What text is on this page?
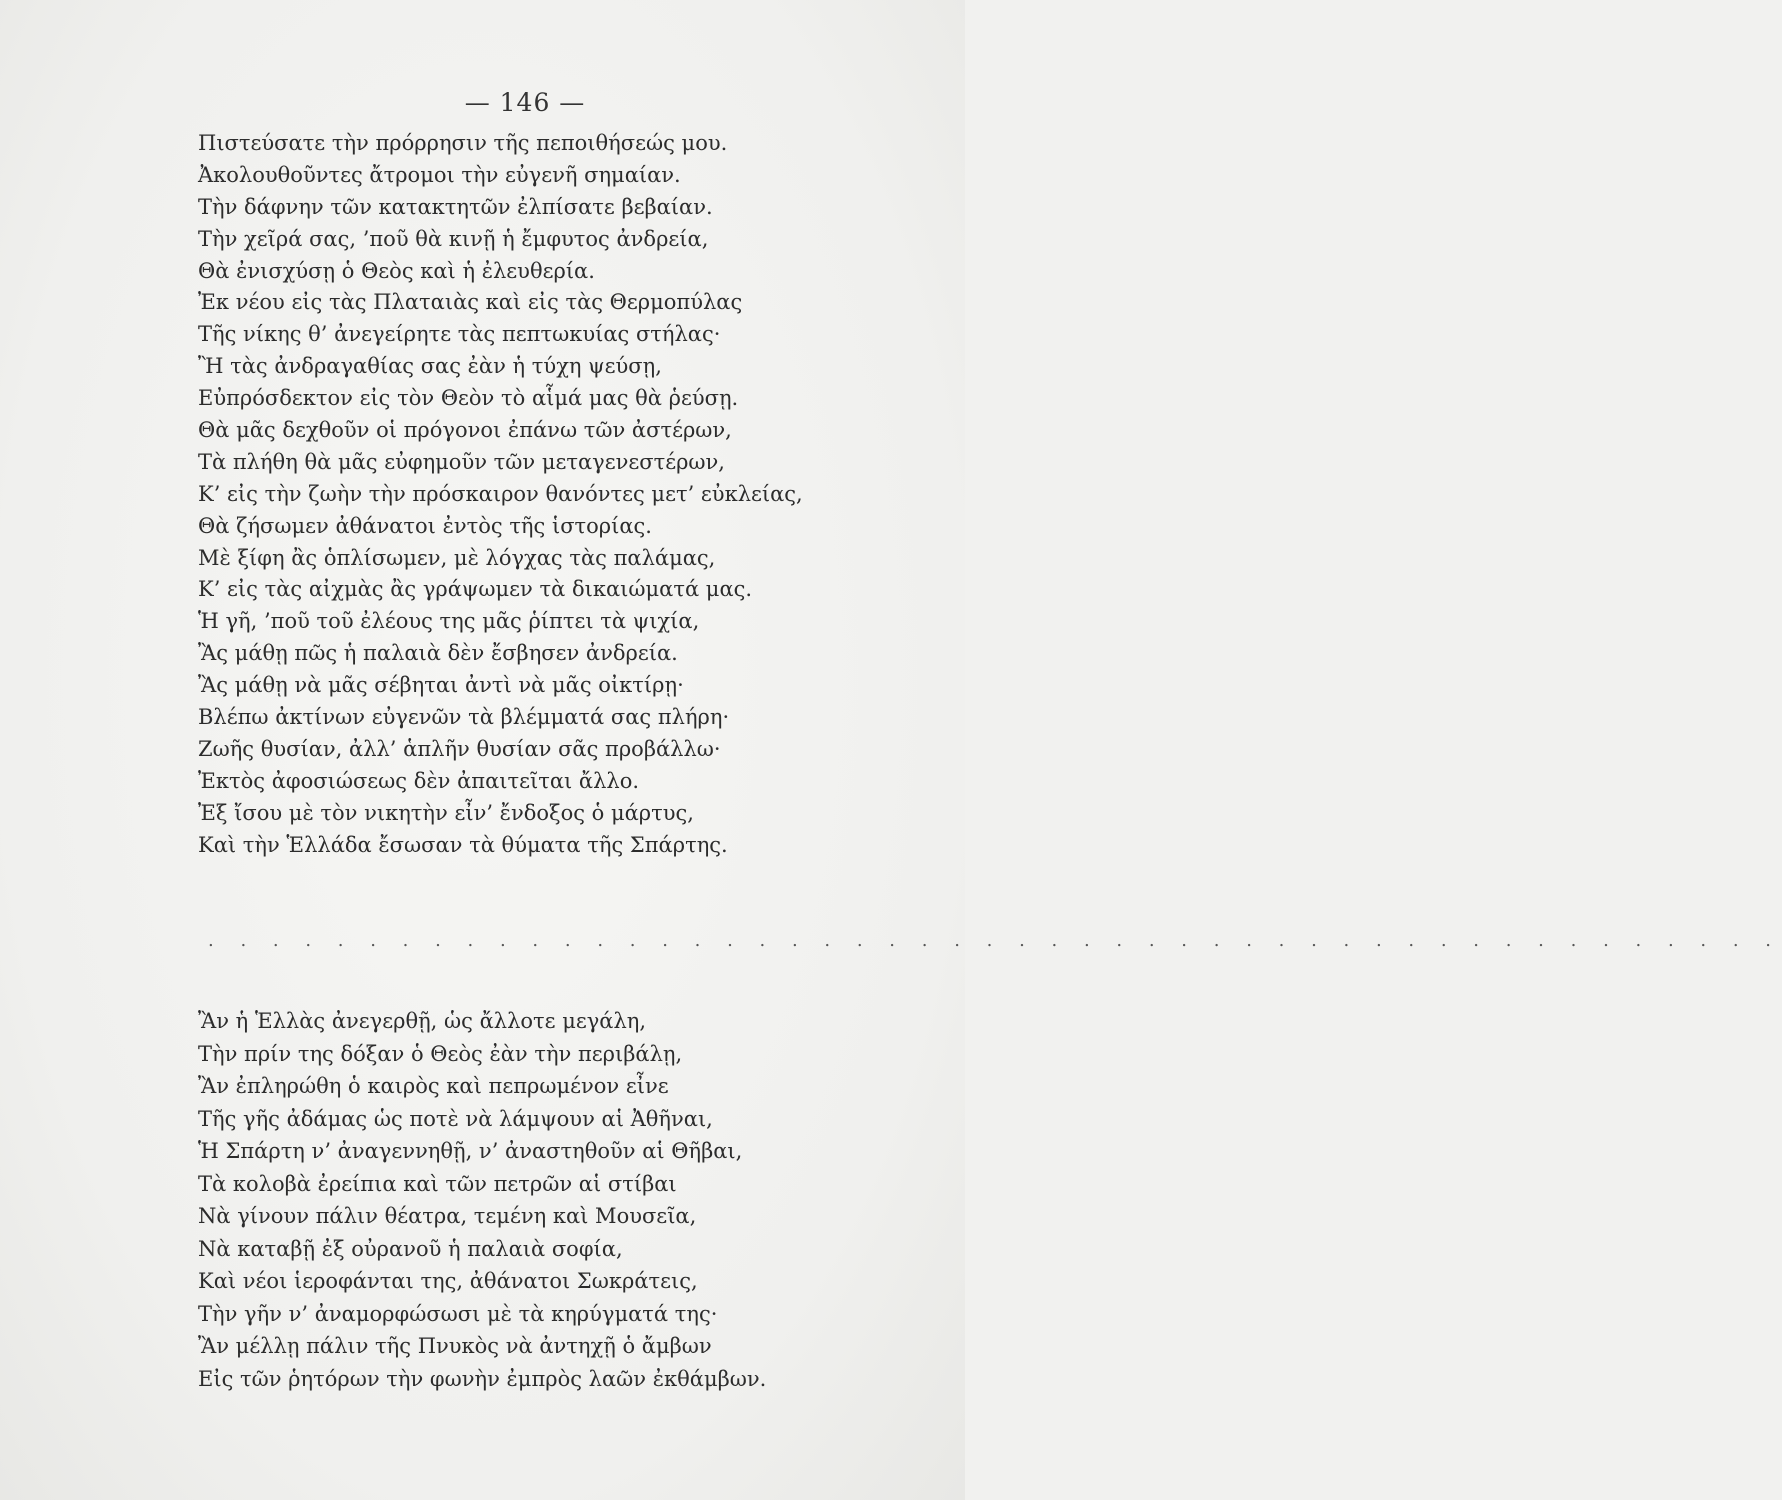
— 146 —
Πιστεύσατε τὴν πρόρρησιν τῆς πεποιθήσεώς μου.
Ἀκολουθοῦντες ἄτρομοι τὴν εὐγενῆ σημαίαν.
Τὴν δάφνην τῶν κατακτητῶν ἐλπίσατε βεβαίαν.
Τὴν χεῖρά σας, ’ποῦ θὰ κινῇ ἡ ἔμφυτος ἀνδρεία,
Θὰ ἐνισχύσῃ ὁ Θεὸς καὶ ἡ ἐλευθερία.
Ἐκ νέου εἰς τὰς Πλαταιὰς καὶ εἰς τὰς Θερμοπύλας
Τῆς νίκης θ’ ἀνεγείρητε τὰς πεπτωκυίας στήλας·
Ἢ τὰς ἀνδραγαθίας σας ἐὰν ἡ τύχη ψεύσῃ,
Εὐπρόσδεκτον εἰς τὸν Θεὸν τὸ αἷμά μας θὰ ῥεύσῃ.
Θὰ μᾶς δεχθοῦν οἱ πρόγονοι ἐπάνω τῶν ἀστέρων,
Τὰ πλήθη θὰ μᾶς εὐφημοῦν τῶν μεταγενεστέρων,
Κ’ εἰς τὴν ζωὴν τὴν πρόσκαιρον θανόντες μετ’ εὐκλείας,
Θὰ ζήσωμεν ἀθάνατοι ἐντὸς τῆς ἱστορίας.
Μὲ ξίφη ἂς ὁπλίσωμεν, μὲ λόγχας τὰς παλάμας,
Κ’ εἰς τὰς αἰχμὰς ἂς γράψωμεν τὰ δικαιώματά μας.
Ἡ γῆ, ’ποῦ τοῦ ἐλέους της μᾶς ῥίπτει τὰ ψιχία,
Ἂς μάθῃ πῶς ἡ παλαιὰ δὲν ἔσβησεν ἀνδρεία.
Ἂς μάθῃ νὰ μᾶς σέβηται ἀντὶ νὰ μᾶς οἰκτίρῃ·
Βλέπω ἀκτίνων εὐγενῶν τὰ βλέμματά σας πλήρη·
Ζωῆς θυσίαν, ἀλλ’ ἁπλῆν θυσίαν σᾶς προβάλλω·
Ἐκτὸς ἀφοσιώσεως δὲν ἀπαιτεῖται ἄλλο.
Ἐξ ἴσου μὲ τὸν νικητὴν εἶν’ ἔνδοξος ὁ μάρτυς,
Καὶ τὴν Ἑλλάδα ἔσωσαν τὰ θύματα τῆς Σπάρτης.
. . . . . . . . . . . . . . . . . . . . . . . . . . . . . . . . . . . . . . . . . . . . . . . . .
Ἂν ἡ Ἑλλὰς ἀνεγερθῇ, ὡς ἄλλοτε μεγάλη,
Τὴν πρίν της δόξαν ὁ Θεὸς ἐὰν τὴν περιβάλῃ,
Ἂν ἐπληρώθη ὁ καιρὸς καὶ πεπρωμένον εἶνε
Τῆς γῆς ἀδάμας ὡς ποτὲ νὰ λάμψουν αἱ Ἀθῆναι,
Ἡ Σπάρτη ν’ ἀναγεννηθῇ, ν’ ἀναστηθοῦν αἱ Θῆβαι,
Τὰ κολοβὰ ἐρείπια καὶ τῶν πετρῶν αἱ στίβαι
Νὰ γίνουν πάλιν θέατρα, τεμένη καὶ Μουσεῖα,
Νὰ καταβῇ ἐξ οὐρανοῦ ἡ παλαιὰ σοφία,
Καὶ νέοι ἱεροφάνται της, ἀθάνατοι Σωκράτεις,
Τὴν γῆν ν’ ἀναμορφώσωσι μὲ τὰ κηρύγματά της·
Ἂν μέλλῃ πάλιν τῆς Πνυκὸς νὰ ἀντηχῇ ὁ ἄμβων
Εἰς τῶν ῥητόρων τὴν φωνὴν ἐμπρὸς λαῶν ἐκθάμβων.
